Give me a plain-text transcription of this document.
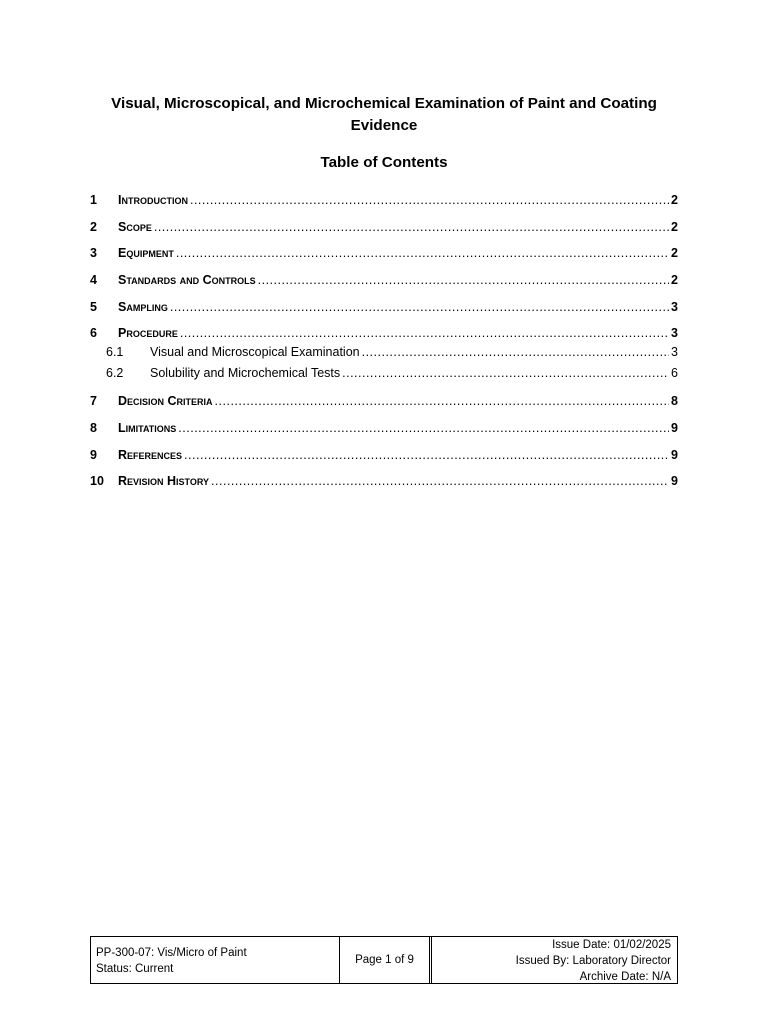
Visual, Microscopical, and Microchemical Examination of Paint and Coating
Evidence
Table of Contents
1	Introduction .....	2
2	Scope .....	2
3	Equipment .....	2
4	Standards and Controls .....	2
5	Sampling .....	3
6	Procedure .....	3
6.1	Visual and Microscopical Examination .....	3
6.2	Solubility and Microchemical Tests .....	6
7	Decision Criteria .....	8
8	Limitations .....	9
9	References .....	9
10	Revision History .....	9
PP-300-07: Vis/Micro of Paint
Status: Current
Page 1 of 9
Issue Date: 01/02/2025
Issued By: Laboratory Director
Archive Date: N/A
